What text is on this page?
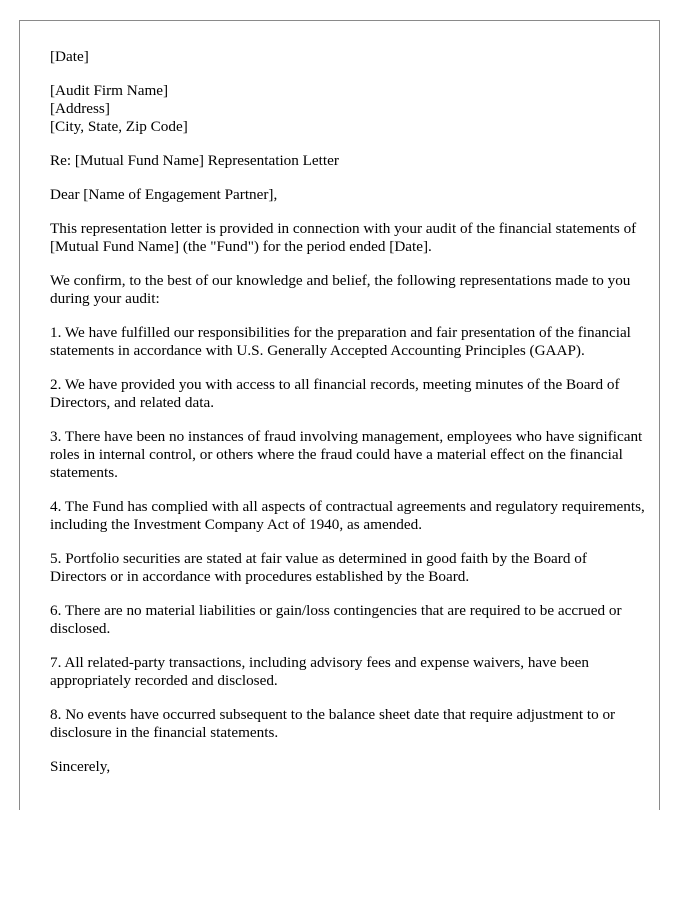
[Date]

[Audit Firm Name]
[Address]
[City, State, Zip Code]

Re: [Mutual Fund Name] Representation Letter

Dear [Name of Engagement Partner],

This representation letter is provided in connection with your audit of the financial statements of [Mutual Fund Name] (the "Fund") for the period ended [Date].

We confirm, to the best of our knowledge and belief, the following representations made to you during your audit:

1. We have fulfilled our responsibilities for the preparation and fair presentation of the financial statements in accordance with U.S. Generally Accepted Accounting Principles (GAAP).

2. We have provided you with access to all financial records, meeting minutes of the Board of Directors, and related data.

3. There have been no instances of fraud involving management, employees who have significant roles in internal control, or others where the fraud could have a material effect on the financial statements.

4. The Fund has complied with all aspects of contractual agreements and regulatory requirements, including the Investment Company Act of 1940, as amended.

5. Portfolio securities are stated at fair value as determined in good faith by the Board of Directors or in accordance with procedures established by the Board.

6. There are no material liabilities or gain/loss contingencies that are required to be accrued or disclosed.

7. All related-party transactions, including advisory fees and expense waivers, have been appropriately recorded and disclosed.

8. No events have occurred subsequent to the balance sheet date that require adjustment to or disclosure in the financial statements.

Sincerely,
